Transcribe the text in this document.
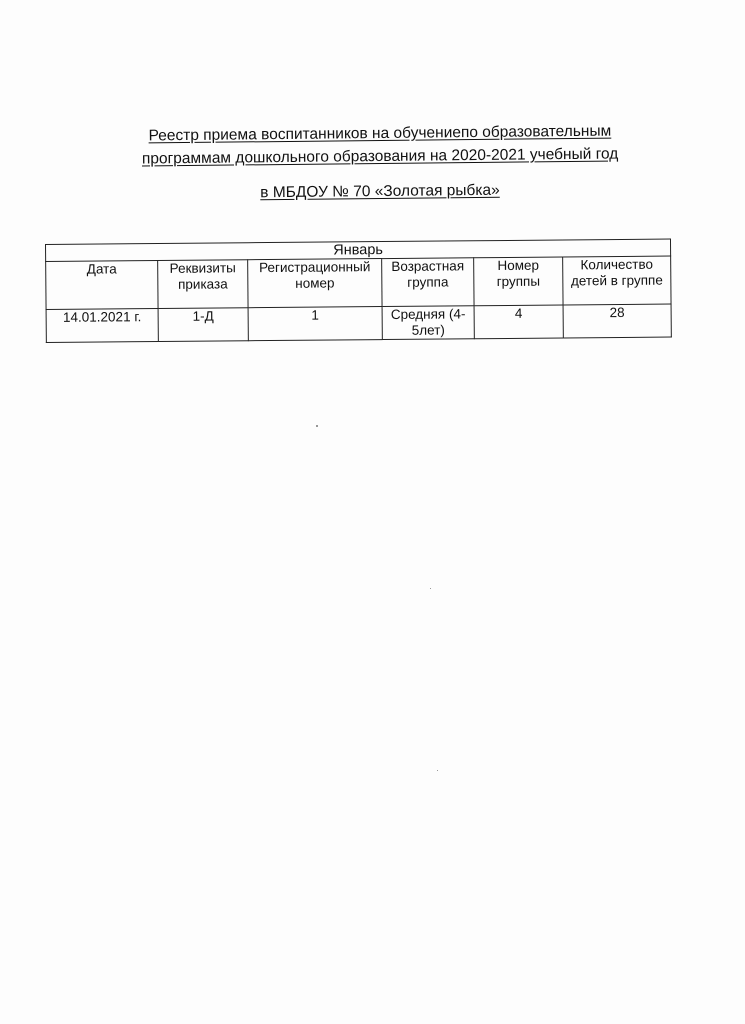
Реестр приема воспитанников на обучениепо образовательным
программам дошкольного образования на 2020-2021 учебный год
в МБДОУ № 70 «Золотая рыбка»
Январь					
Дата	Реквизиты приказа	Регистрационный номер	Возрастная группа	Номер группы	Количество детей в группе
14.01.2021 г.	1-Д	1	Средняя (4-5лет)	4	28
